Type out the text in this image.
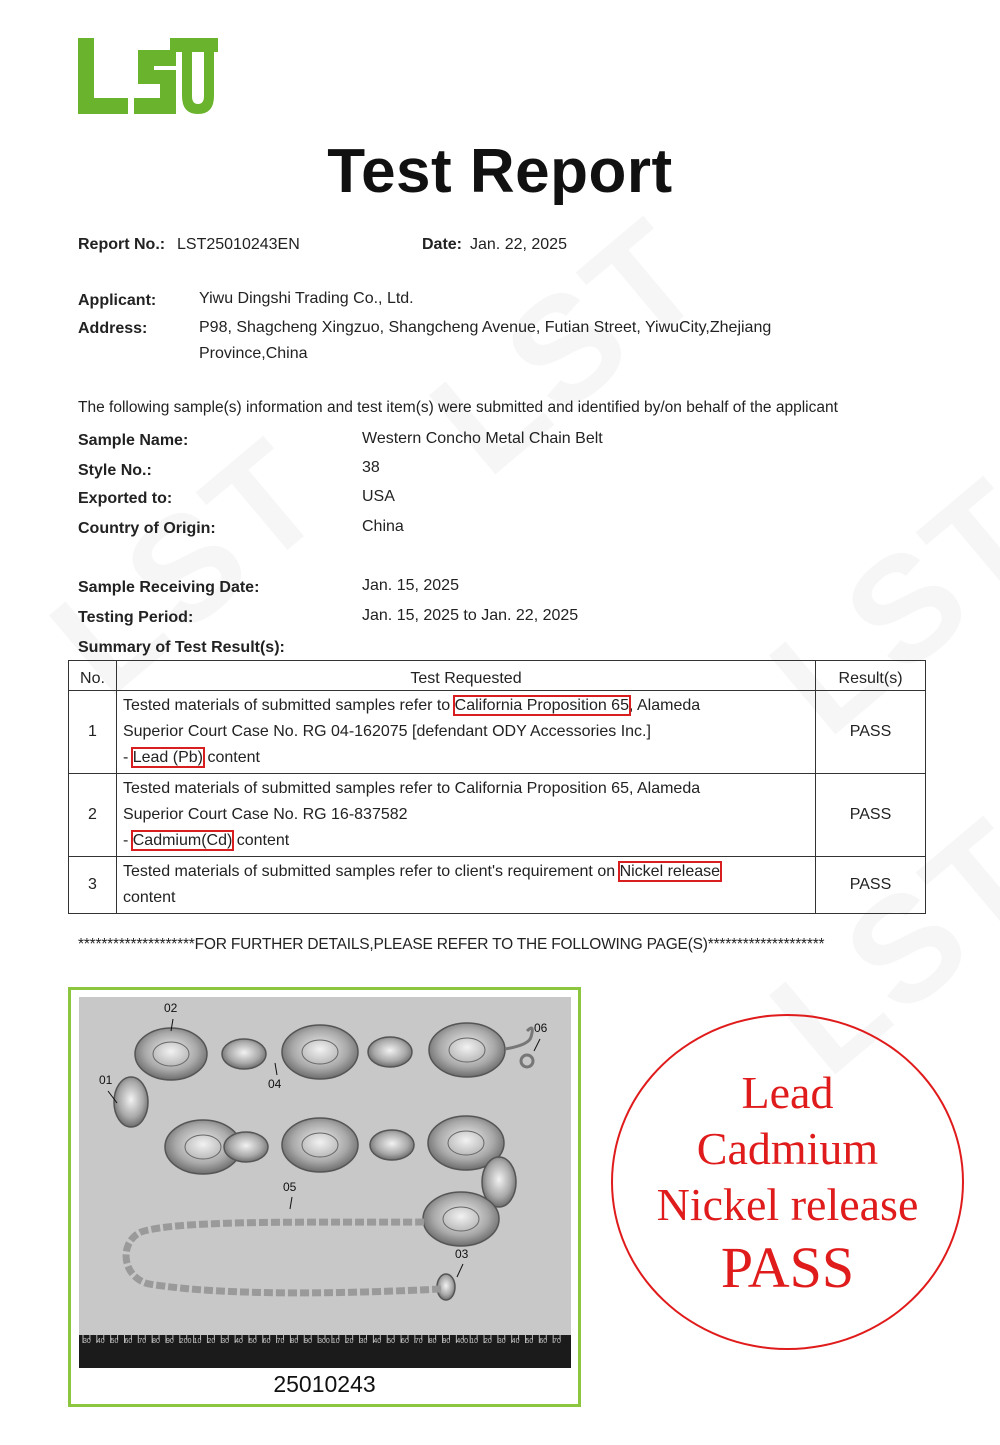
Test Report
Report No.: LST25010243EN	Date: Jan. 22, 2025
Applicant:	Yiwu Dingshi Trading Co., Ltd.
Address:	P98, Shagcheng Xingzuo, Shangcheng Avenue, Futian Street, YiwuCity,Zhejiang
Province,China
The following sample(s) information and test item(s) were submitted and identified by/on behalf of the applicant
Sample Name:	Western Concho Metal Chain Belt
Style No.:	38
Exported to:	USA
Country of Origin:	China
Sample Receiving Date:	Jan. 15, 2025
Testing Period:	Jan. 15, 2025 to Jan. 22, 2025
Summary of Test Result(s):
No.	Test Requested	Result(s)
1	Tested materials of submitted samples refer to California Proposition 65, Alameda
Superior Court Case No. RG 04-162075 [defendant ODY Accessories Inc.]
- Lead (Pb) content	PASS
2	Tested materials of submitted samples refer to California Proposition 65, Alameda
Superior Court Case No. RG 16-837582
- Cadmium(Cd) content	PASS
3	Tested materials of submitted samples refer to client's requirement on Nickel release
content	PASS
********************FOR FURTHER DETAILS,PLEASE REFER TO THE FOLLOWING PAGE(S)********************
02
01	04
06
05
03
30 40 50 60 70 80 90 200 10 20 30 40 50 60 70 80 90 300 10 20 30 40 50 60 70 80 90 400 10 20 30 40 50 60 70
25010243
Lead
Cadmium
Nickel release
PASS
